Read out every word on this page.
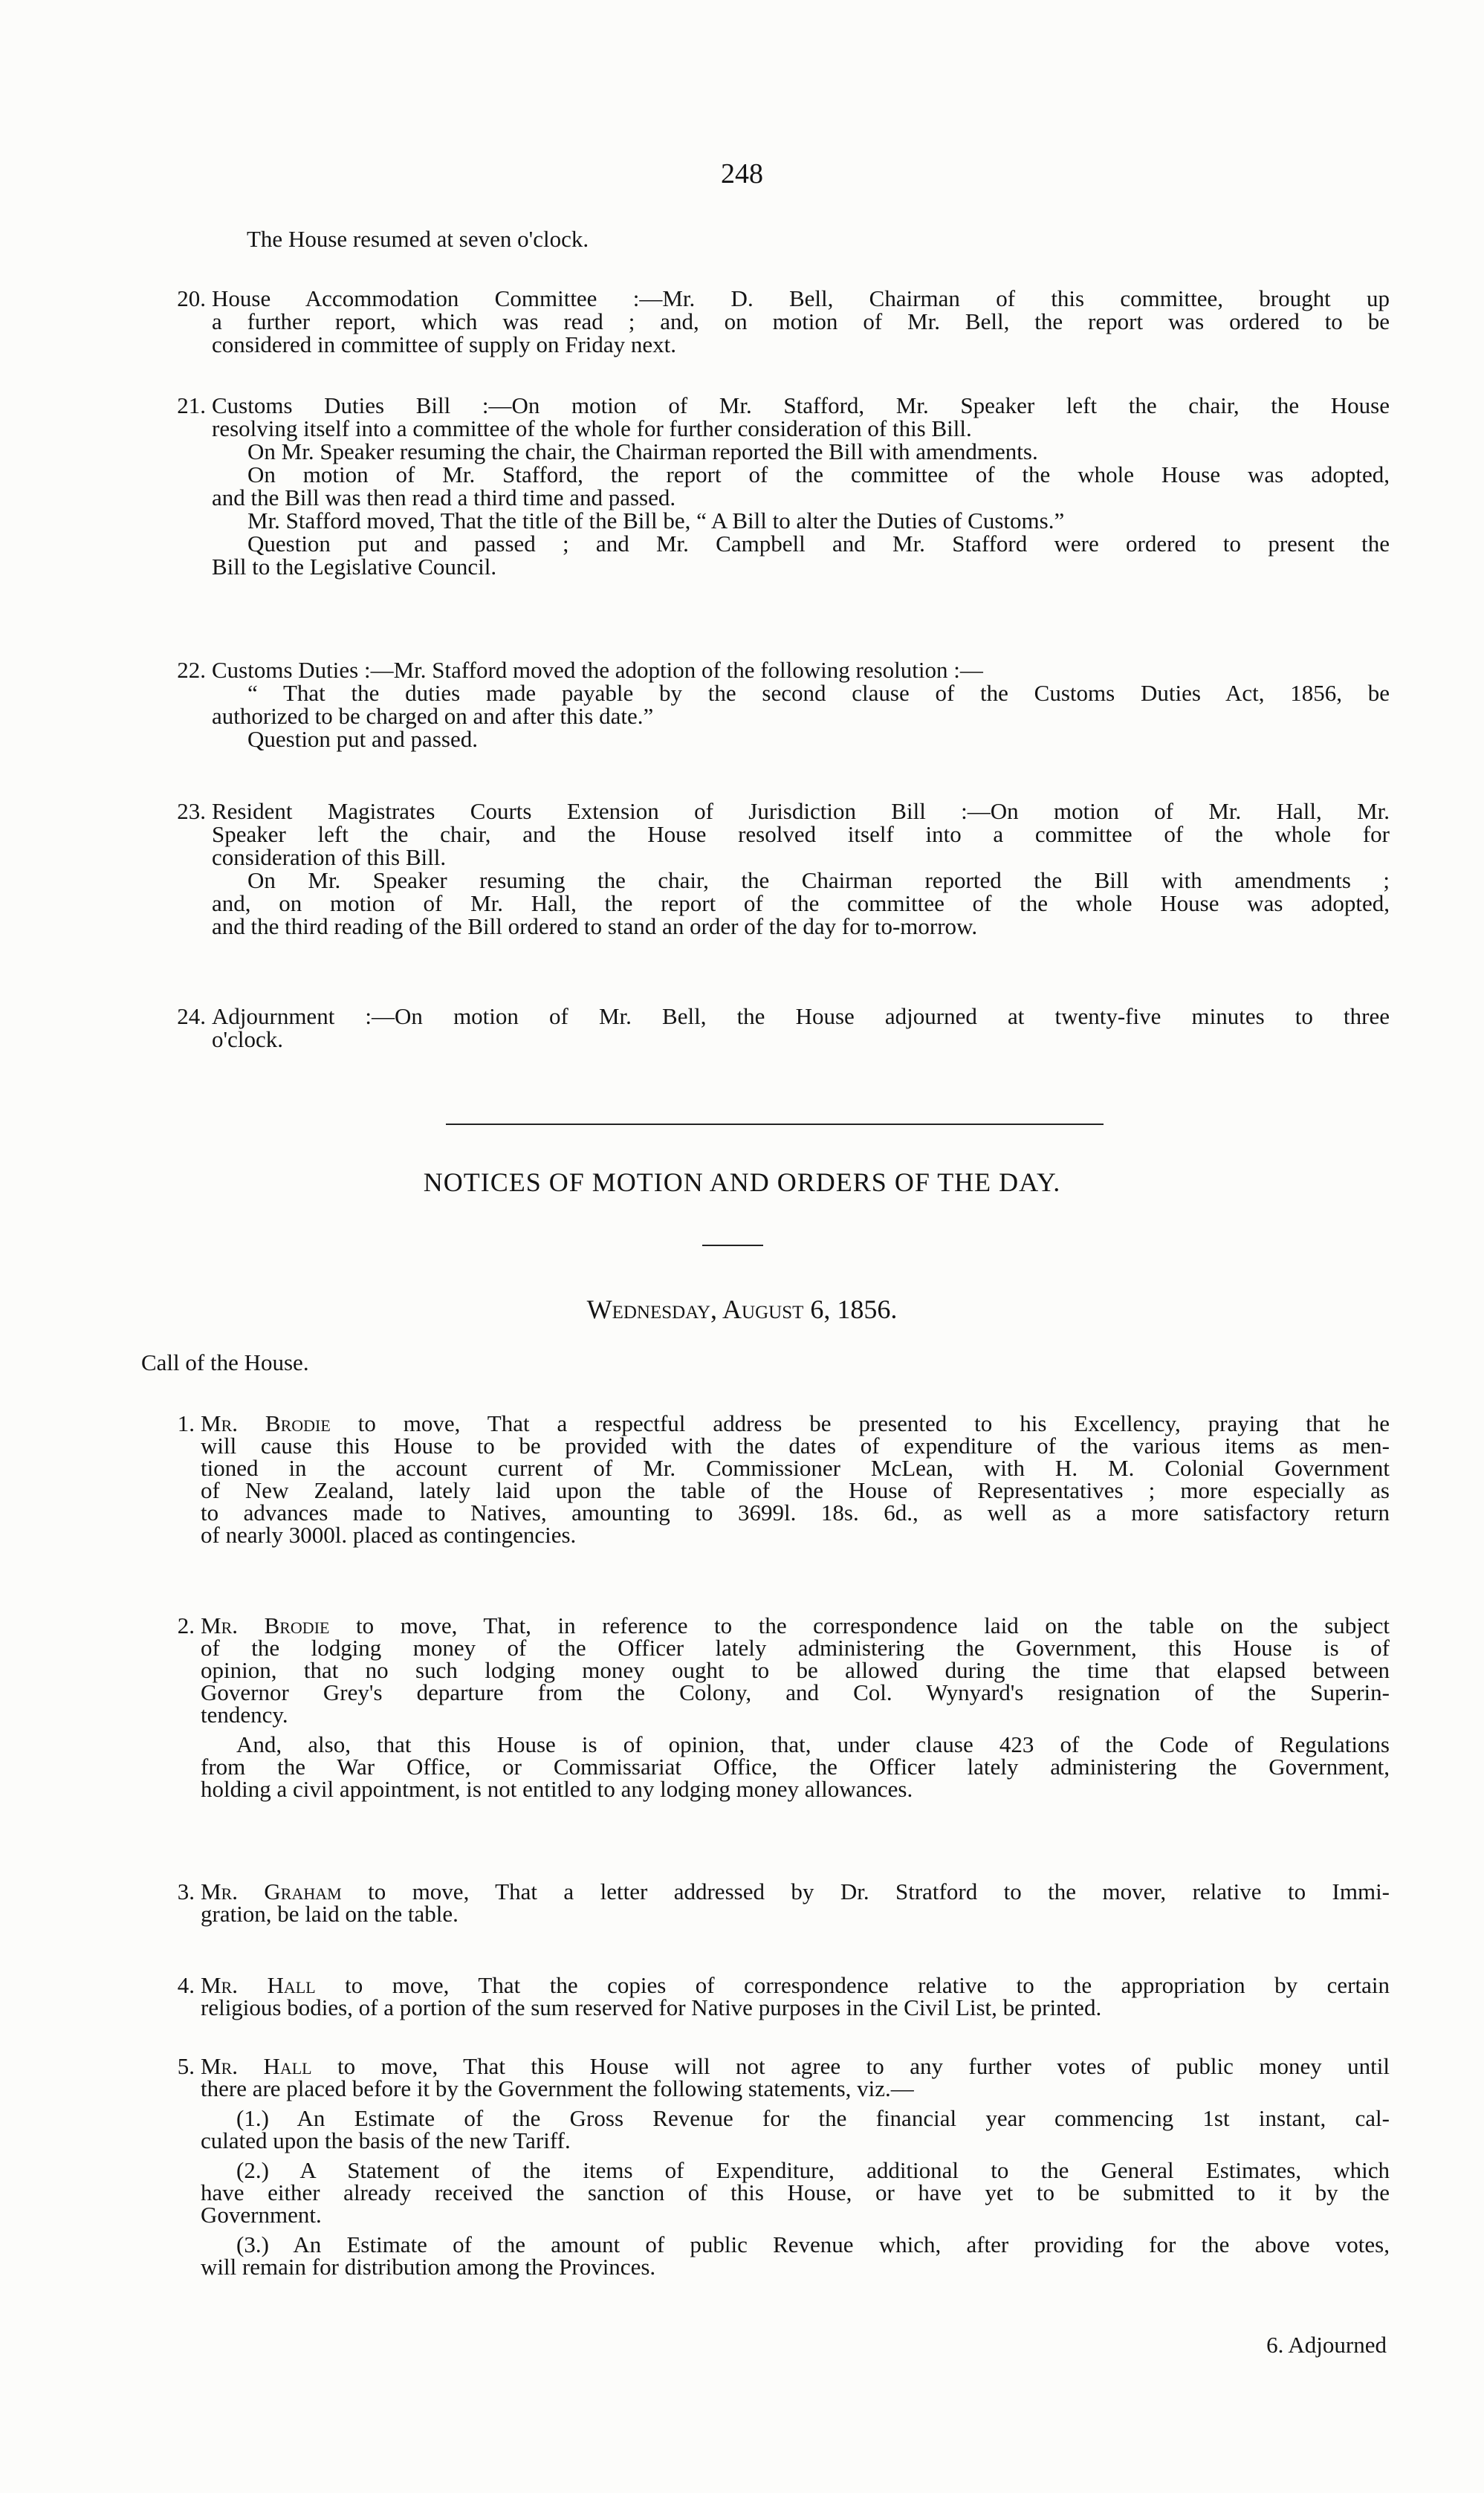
248
The House resumed at seven o'clock.
20. House Accommodation Committee :—Mr. D. Bell, Chairman of this committee, brought up
a further report, which was read ; and, on motion of Mr. Bell, the report was ordered to be
considered in committee of supply on Friday next.
21. Customs Duties Bill :—On motion of Mr. Stafford, Mr. Speaker left the chair, the House
resolving itself into a committee of the whole for further consideration of this Bill.
On Mr. Speaker resuming the chair, the Chairman reported the Bill with amendments.
On motion of Mr. Stafford, the report of the committee of the whole House was adopted,
and the Bill was then read a third time and passed.
Mr. Stafford moved, That the title of the Bill be, “ A Bill to alter the Duties of Customs.”
Question put and passed ; and Mr. Campbell and Mr. Stafford were ordered to present the
Bill to the Legislative Council.
22. Customs Duties :—Mr. Stafford moved the adoption of the following resolution :—
“ That the duties made payable by the second clause of the Customs Duties Act, 1856, be
authorized to be charged on and after this date.”
Question put and passed.
23. Resident Magistrates Courts Extension of Jurisdiction Bill :—On motion of Mr. Hall, Mr.
Speaker left the chair, and the House resolved itself into a committee of the whole for
consideration of this Bill.
On Mr. Speaker resuming the chair, the Chairman reported the Bill with amendments ;
and, on motion of Mr. Hall, the report of the committee of the whole House was adopted,
and the third reading of the Bill ordered to stand an order of the day for to-morrow.
24. Adjournment :—On motion of Mr. Bell, the House adjourned at twenty-five minutes to three
o'clock.
NOTICES OF MOTION AND ORDERS OF THE DAY.
Wednesday, August 6, 1856.
Call of the House.
1. Mr. Brodie to move, That a respectful address be presented to his Excellency, praying that he
will cause this House to be provided with the dates of expenditure of the various items as men-
tioned in the account current of Mr. Commissioner McLean, with H. M. Colonial Government
of New Zealand, lately laid upon the table of the House of Representatives ; more especially as
to advances made to Natives, amounting to 3699l. 18s. 6d., as well as a more satisfactory return
of nearly 3000l. placed as contingencies.
2. Mr. Brodie to move, That, in reference to the correspondence laid on the table on the subject
of the lodging money of the Officer lately administering the Government, this House is of
opinion, that no such lodging money ought to be allowed during the time that elapsed between
Governor Grey's departure from the Colony, and Col. Wynyard's resignation of the Superin-
tendency.
And, also, that this House is of opinion, that, under clause 423 of the Code of Regulations
from the War Office, or Commissariat Office, the Officer lately administering the Government,
holding a civil appointment, is not entitled to any lodging money allowances.
3. Mr. Graham to move, That a letter addressed by Dr. Stratford to the mover, relative to Immi-
gration, be laid on the table.
4. Mr. Hall to move, That the copies of correspondence relative to the appropriation by certain
religious bodies, of a portion of the sum reserved for Native purposes in the Civil List, be printed.
5. Mr. Hall to move, That this House will not agree to any further votes of public money until
there are placed before it by the Government the following statements, viz.—
(1.) An Estimate of the Gross Revenue for the financial year commencing 1st instant, cal-
culated upon the basis of the new Tariff.
(2.) A Statement of the items of Expenditure, additional to the General Estimates, which
have either already received the sanction of this House, or have yet to be submitted to it by the
Government.
(3.) An Estimate of the amount of public Revenue which, after providing for the above votes,
will remain for distribution among the Provinces.
6. Adjourned
